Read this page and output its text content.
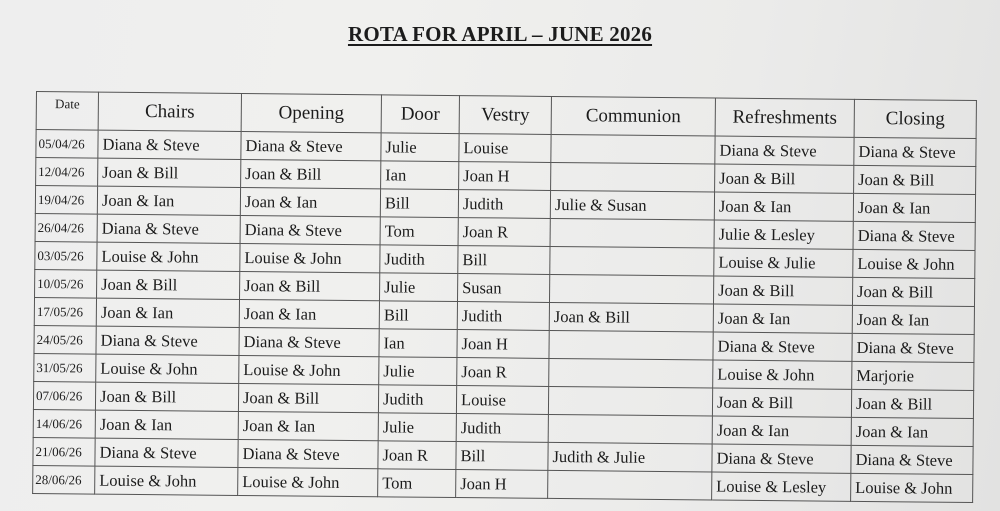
ROTA FOR APRIL – JUNE 2026
Date	Chairs	Opening	Door	Vestry	Communion	Refreshments	Closing
05/04/26	Diana & Steve	Diana & Steve	Julie	Louise		Diana & Steve	Diana & Steve
12/04/26	Joan & Bill	Joan & Bill	Ian	Joan H		Joan & Bill	Joan & Bill
19/04/26	Joan & Ian	Joan & Ian	Bill	Judith	Julie & Susan	Joan & Ian	Joan & Ian
26/04/26	Diana & Steve	Diana & Steve	Tom	Joan R		Julie & Lesley	Diana & Steve
03/05/26	Louise & John	Louise & John	Judith	Bill		Louise & Julie	Louise & John
10/05/26	Joan & Bill	Joan & Bill	Julie	Susan		Joan & Bill	Joan & Bill
17/05/26	Joan & Ian	Joan & Ian	Bill	Judith	Joan & Bill	Joan & Ian	Joan & Ian
24/05/26	Diana & Steve	Diana & Steve	Ian	Joan H		Diana & Steve	Diana & Steve
31/05/26	Louise & John	Louise & John	Julie	Joan R		Louise & John	Marjorie
07/06/26	Joan & Bill	Joan & Bill	Judith	Louise		Joan & Bill	Joan & Bill
14/06/26	Joan & Ian	Joan & Ian	Julie	Judith		Joan & Ian	Joan & Ian
21/06/26	Diana & Steve	Diana & Steve	Joan R	Bill	Judith & Julie	Diana & Steve	Diana & Steve
28/06/26	Louise & John	Louise & John	Tom	Joan H		Louise & Lesley	Louise & John
